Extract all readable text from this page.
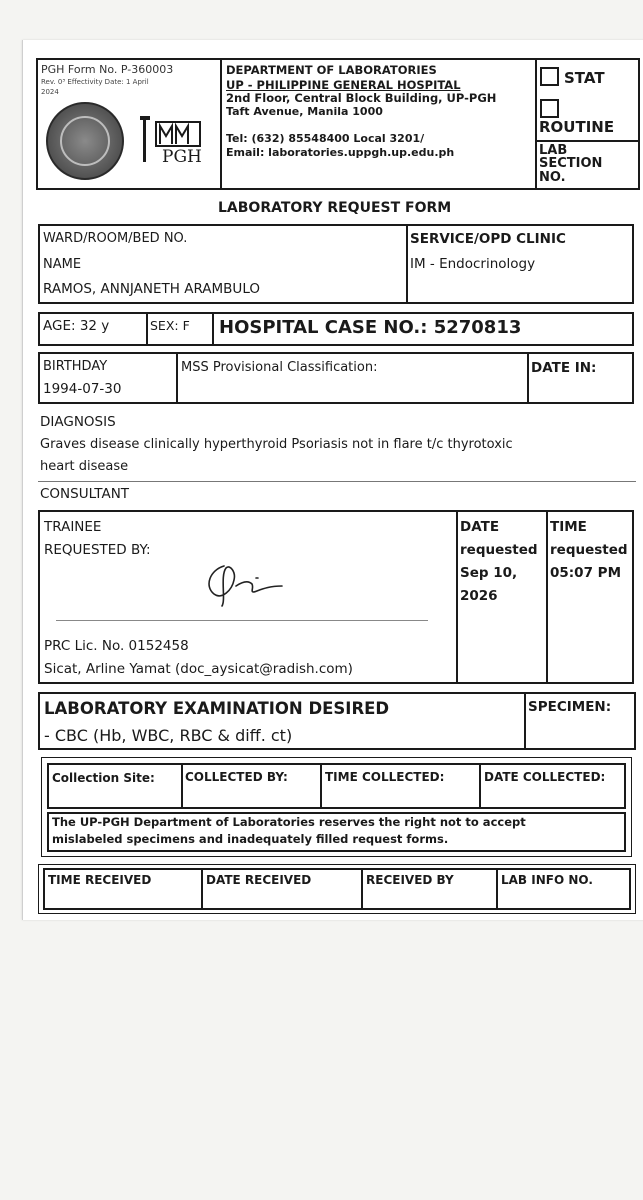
PGH Form No. P-360003
Rev. 0³ Effectivity Date: 1 April
2024
PGH
DEPARTMENT OF LABORATORIES
UP - PHILIPPINE GENERAL HOSPITAL
2nd Floor, Central Block Building, UP-PGH
Taft Avenue, Manila 1000
Tel: (632) 85548400 Local 3201/
Email: laboratories.uppgh.up.edu.ph
STAT
ROUTINE
LAB
SECTION
NO.
LABORATORY REQUEST FORM
WARD/ROOM/BED NO.	SERVICE/OPD CLINIC
IM - Endocrinology
NAME
RAMOS, ANNJANETH ARAMBULO
AGE: 32 y	SEX: F HOSPITAL CASE NO.: 5270813
BIRTHDAY
1994-07-30
MSS Provisional Classification:	DATE IN:
DIAGNOSIS
Graves disease clinically hyperthyroid Psoriasis not in flare t/c thyrotoxic
heart disease
CONSULTANT
TRAINEE
REQUESTED BY:
PRC Lic. No. 0152458
Sicat, Arline Yamat (doc_aysicat@radish.com)
DATE
requested
Sep 10,
2026
TIME
requested
05:07 PM
LABORATORY EXAMINATION DESIRED
- CBC (Hb, WBC, RBC & diff. ct)
SPECIMEN:
Collection Site:	COLLECTED BY:	TIME COLLECTED:	DATE COLLECTED:
The UP-PGH Department of Laboratories reserves the right not to accept
mislabeled specimens and inadequately filled request forms.
TIME RECEIVED	DATE RECEIVED	RECEIVED BY	LAB INFO NO.
